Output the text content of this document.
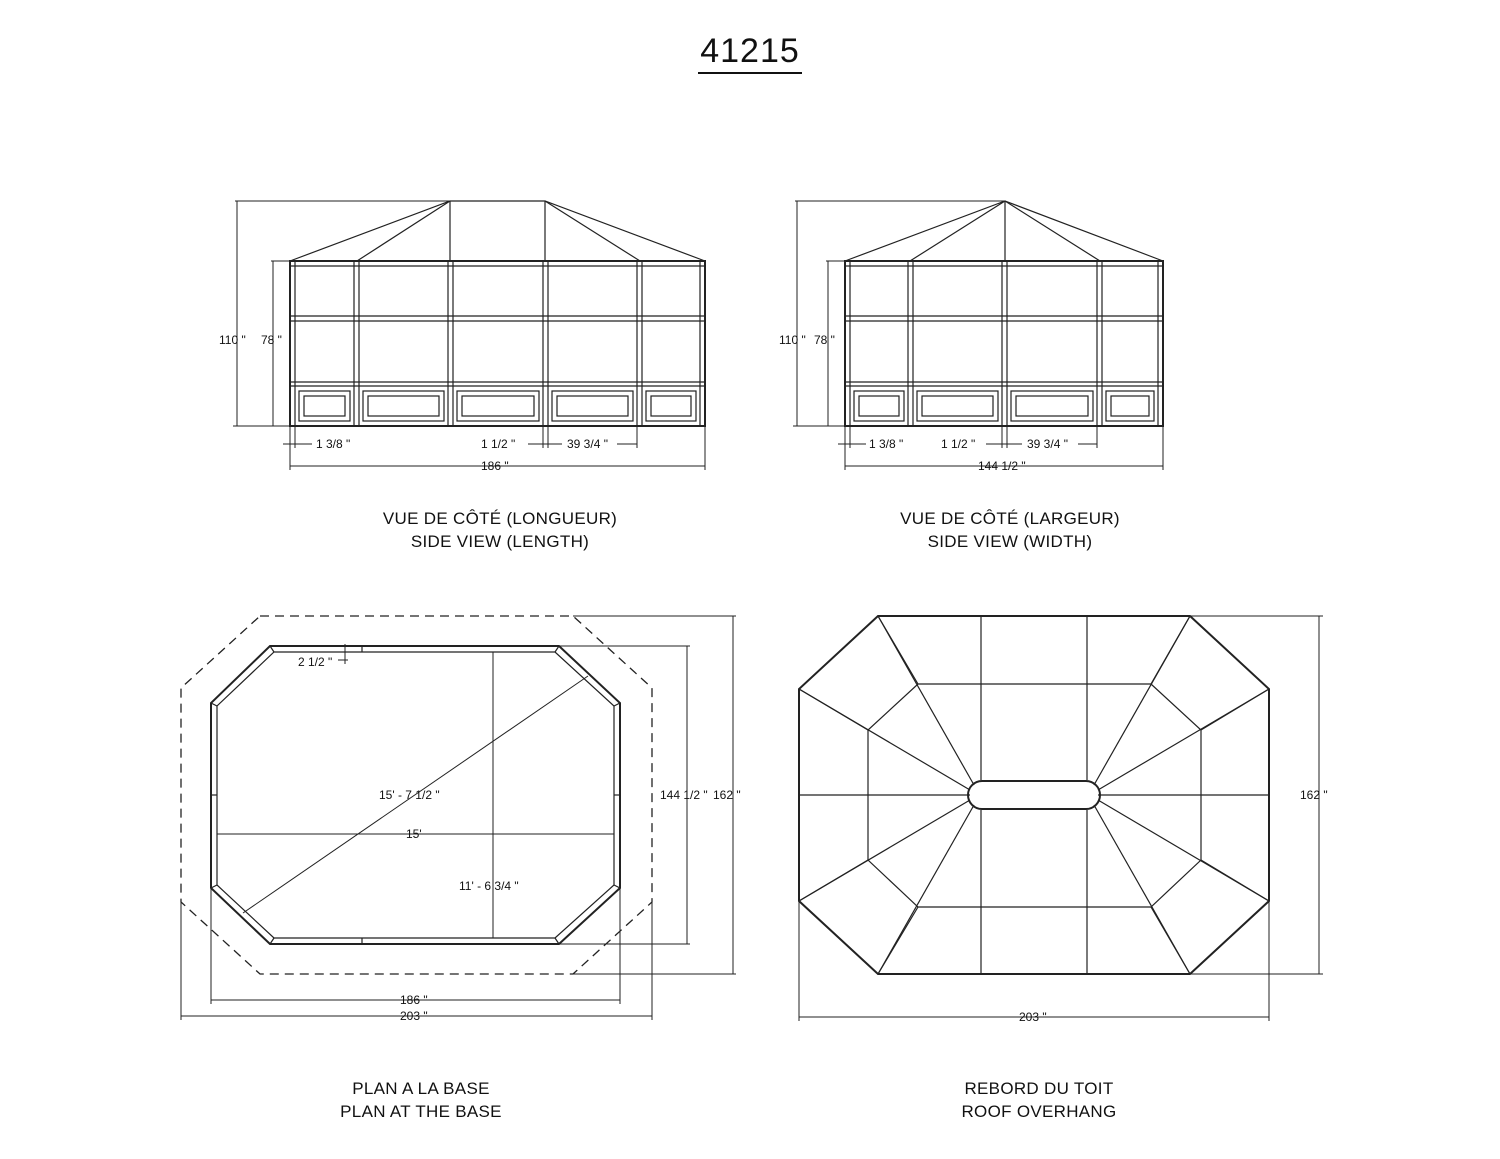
41215
110 " 78 "
1 3/8 "	1 1/2 "	39 3/4 "
186 "
110 " 78 "
1 3/8 "	1 1/2 "	39 3/4 "
144 1/2 "
2 1/2 "
15' - 7 1/2 "
15'
11' - 6 3/4 "
144 1/2 " 162 "
186 "
203 "
162 "
203 "
VUE DE CÔTÉ (LONGUEUR)
SIDE VIEW (LENGTH)
VUE DE CÔTÉ (LARGEUR)
SIDE VIEW (WIDTH)
PLAN A LA BASE
PLAN AT THE BASE
REBORD DU TOIT
ROOF OVERHANG
